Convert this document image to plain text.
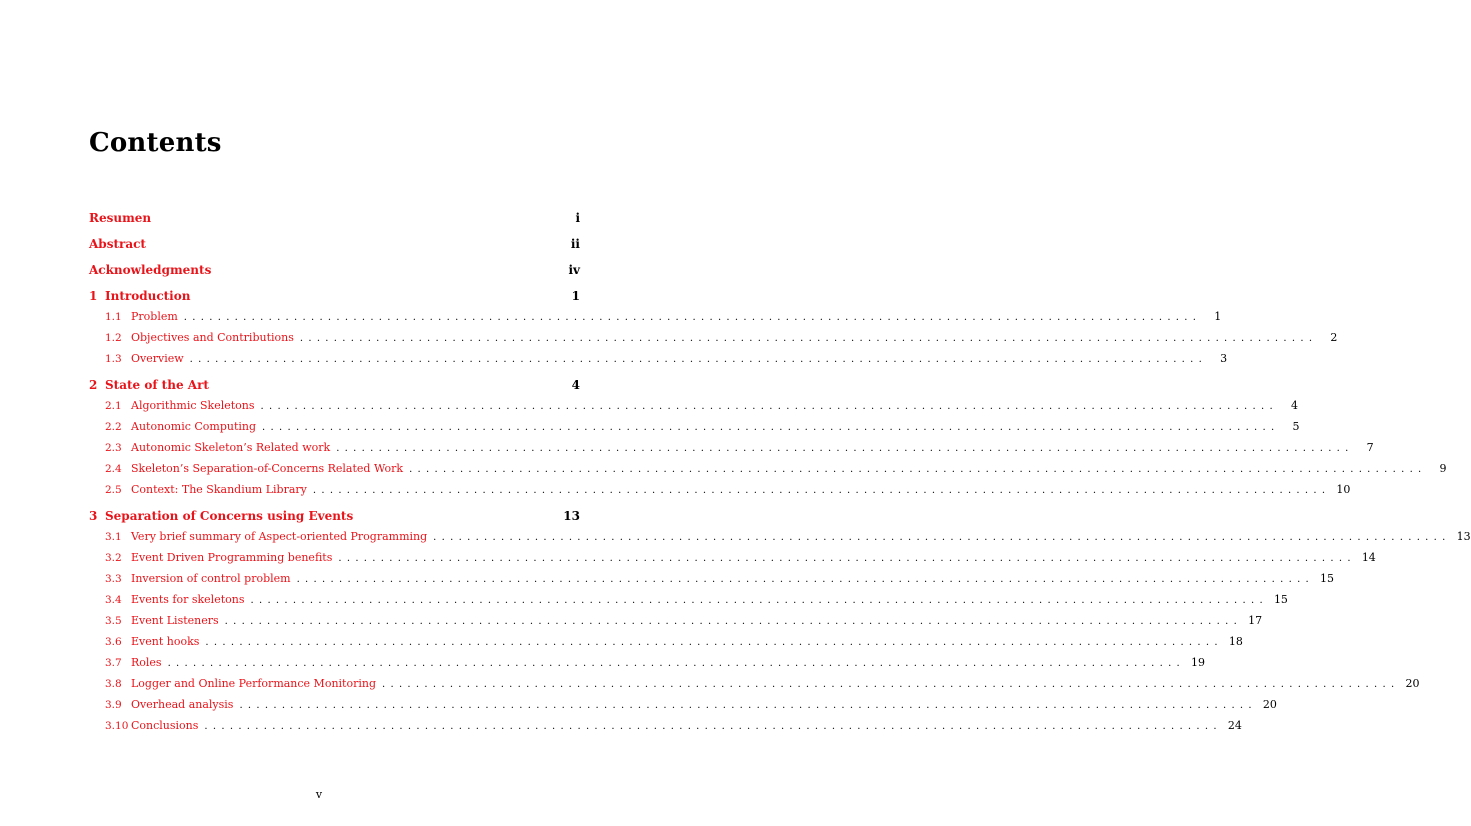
Contents
Resumen	i
Abstract	ii
Acknowledgments	iv
1 Introduction	1
1.1 Problem ........................................................................................................................	1
1.2 Objectives and Contributions ........................................................................................................................	2
1.3 Overview ........................................................................................................................	3
2 State of the Art	4
2.1 Algorithmic Skeletons ........................................................................................................................	4
2.2 Autonomic Computing ........................................................................................................................	5
2.3 Autonomic Skeleton’s Related work ........................................................................................................................	7
2.4 Skeleton’s Separation-of-Concerns Related Work ........................................................................................................................	9
2.5 Context: The Skandium Library ........................................................................................................................ 10
3 Separation of Concerns using Events	13
3.1 Very brief summary of Aspect-oriented Programming ........................................................................................................................ 13
3.2 Event Driven Programming benefits ........................................................................................................................ 14
3.3 Inversion of control problem ........................................................................................................................ 15
3.4 Events for skeletons ........................................................................................................................ 15
3.5 Event Listeners ........................................................................................................................ 17
3.6 Event hooks ........................................................................................................................ 18
3.7 Roles ........................................................................................................................ 19
3.8 Logger and Online Performance Monitoring ........................................................................................................................ 20
3.9 Overhead analysis ........................................................................................................................ 20
3.10 Conclusions ........................................................................................................................ 24
v
